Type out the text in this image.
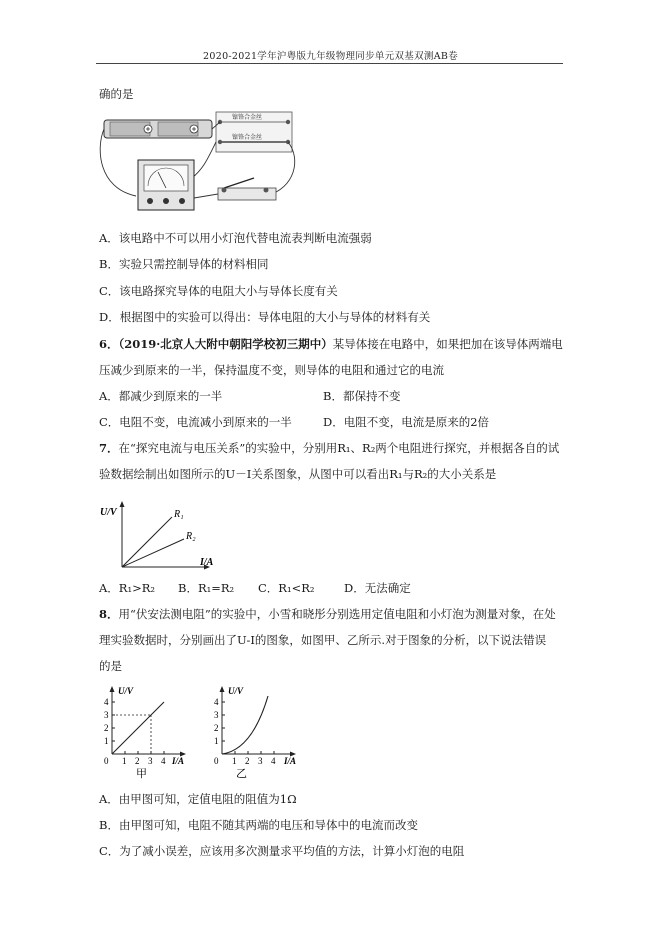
2020-2021学年沪粤版九年级物理同步单元双基双测AB卷
确的是
镍铬合金丝
镍铬合金丝
A．该电路中不可以用小灯泡代替电流表判断电流强弱
B．实验只需控制导体的材料相同
C．该电路探究导体的电阻大小与导体长度有关
D．根据图中的实验可以得出：导体电阻的大小与导体的材料有关
6．（2019·北京人大附中朝阳学校初三期中）某导体接在电路中，如果把加在该导体两端电
压减少到原来的一半，保持温度不变，则导体的电阻和通过它的电流
A．都减少到原来的一半	B．都保持不变
C．电阻不变，电流减小到原来的一半	D．电阻不变，电流是原来的2倍
7．在“探究电流与电压关系”的实验中，分别用R₁、R₂两个电阻进行探究，并根据各自的试
验数据绘制出如图所示的U－I关系图象，从图中可以看出R₁与R₂的大小关系是
U/V
I/A
R₁
R₂
A．R₁>R₂ B．R₁=R₂ C．R₁<R₂	D．无法确定
8．用“伏安法测电阻”的实验中，小雪和晓彤分别选用定值电阻和小灯泡为测量对象，在处
理实验数据时，分别画出了U-I的图象，如图甲、乙所示.对于图象的分析，以下说法错误
的是
1
2
3
4
0 1 2 3 4
U/V
I/A
甲
1
2
3
4
0 1 2 3 4
U/V
I/A
乙
A．由甲图可知，定值电阻的阻值为1Ω
B．由甲图可知，电阻不随其两端的电压和导体中的电流而改变
C．为了减小误差，应该用多次测量求平均值的方法，计算小灯泡的电阻
